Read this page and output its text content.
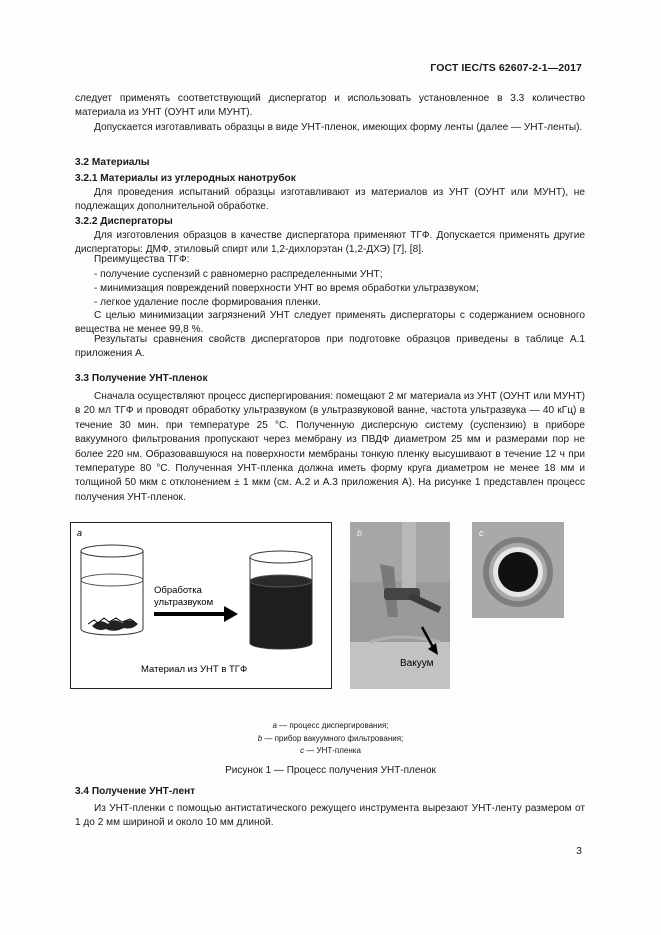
ГОСТ IEC/TS 62607-2-1—2017
следует применять соответствующий диспергатор и использовать установленное в 3.3 количество материала из УНТ (ОУНТ или МУНТ).
Допускается изготавливать образцы в виде УНТ-пленок, имеющих форму ленты (далее — УНТ-ленты).
3.2 Материалы
3.2.1 Материалы из углеродных нанотрубок
Для проведения испытаний образцы изготавливают из материалов из УНТ (ОУНТ или МУНТ), не подлежащих дополнительной обработке.
3.2.2 Диспергаторы
Для изготовления образцов в качестве диспергатора применяют ТГФ. Допускается применять другие диспергаторы: ДМФ, этиловый спирт или 1,2-дихлорэтан (1,2-ДХЭ) [7], [8].
Преимущества ТГФ:
- получение суспензий с равномерно распределенными УНТ;
- минимизация повреждений поверхности УНТ во время обработки ультразвуком;
- легкое удаление после формирования пленки.
С целью минимизации загрязнений УНТ следует применять диспергаторы с содержанием основного вещества не менее 99,8 %.
Результаты сравнения свойств диспергаторов при подготовке образцов приведены в таблице А.1 приложения А.
3.3 Получение УНТ-пленок
Сначала осуществляют процесс диспергирования: помещают 2 мг материала из УНТ (ОУНТ или МУНТ) в 20 мл ТГФ и проводят обработку ультразвуком (в ультразвуковой ванне, частота ультразвука — 40 кГц) в течение 30 мин. при температуре 25 °С. Полученную дисперсную систему (суспензию) в приборе вакуумного фильтрования пропускают через мембрану из ПВДФ диаметром 25 мм и размерами пор не более 220 нм. Образовавшуюся на поверхности мембраны тонкую пленку высушивают в течение 12 ч при температуре 80 °С. Полученная УНТ-пленка должна иметь форму круга диаметром не менее 18 мм и толщиной 50 мкм с отклонением ± 1 мкм (см. А.2 и А.3 приложения А). На рисунке 1 представлен процесс получения УНТ-пленок.
a
Обработка
ультразвуком
Материал из УНТ в ТГФ
b
Вакуум
c
a — процесс диспергирования;
b — прибор вакуумного фильтрования;
c — УНТ-пленка
Рисунок 1 — Процесс получения УНТ-пленок
3.4 Получение УНТ-лент
Из УНТ-пленки с помощью антистатического режущего инструмента вырезают УНТ-ленту размером от 1 до 2 мм шириной и около 10 мм длиной.
3
